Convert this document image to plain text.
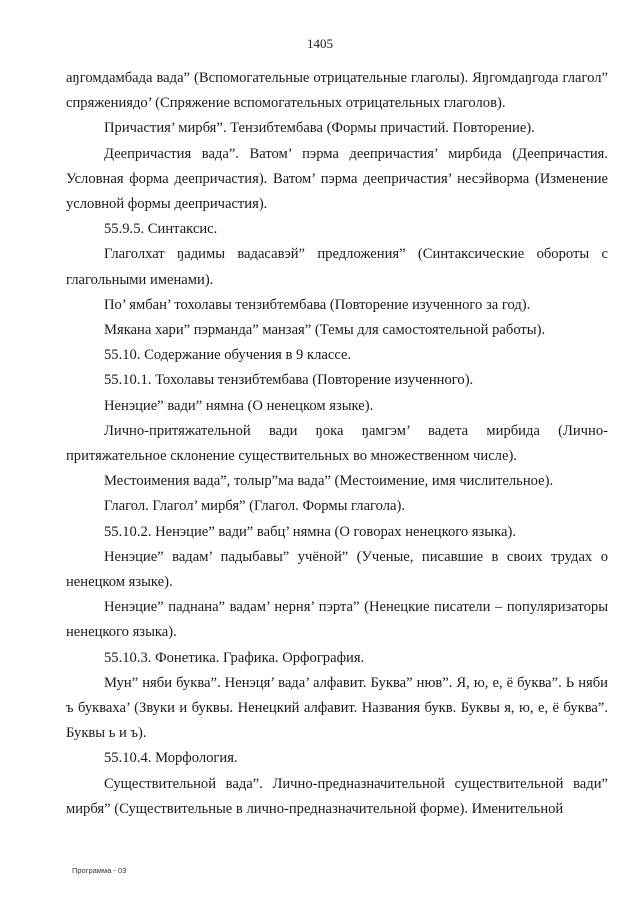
1405

аŋгомдамбада вада” (Вспомогательные отрицательные глаголы). Яŋгомдаŋгода глагол” спряжениядо’ (Спряжение вспомогательных отрицательных глаголов).

Причастия’ мирбя”. Тензибтембава (Формы причастий. Повторение).

Деепричастия вада”. Ватом’ пэрма деепричастия’ мирбида (Деепричастия. Условная форма деепричастия). Ватом’ пэрма деепричастия’ несэйворма (Изменение условной формы деепричастия).

55.9.5. Синтаксис.

Глаголхат ŋадимы вадасавэй” предложения” (Синтаксические обороты с глагольными именами).

По’ ямбан’ тохолавы тензибтембава (Повторение изученного за год).

Мякана хари” пэрманда” манзая” (Темы для самостоятельной работы).

55.10. Содержание обучения в 9 классе.

55.10.1. Тохолавы тензибтембава (Повторение изученного).

Ненэцие” вади” нямна (О ненецком языке).

Лично-притяжательной вади ŋока ŋамгэм’ вадета мирбида (Лично-притяжательное склонение существительных во множественном числе).

Местоимения вада”, толыр”ма вада” (Местоимение, имя числительное).

Глагол. Глагол’ мирбя” (Глагол. Формы глагола).

55.10.2. Ненэцие” вади” вабц’ нямна (О говорах ненецкого языка).

Ненэцие” вадам’ падыбавы” учёной” (Ученые, писавшие в своих трудах о ненецком языке).

Ненэцие” паднана” вадам’ нерня’ пэрта” (Ненецкие писатели – популяризаторы ненецкого языка).

55.10.3. Фонетика. Графика. Орфография.

Мун” няби буква”. Ненэця’ вада’ алфавит. Буква” нюв”. Я, ю, е, ё буква”. Ь няби ъ букваха’ (Звуки и буквы. Ненецкий алфавит. Названия букв. Буквы я, ю, е, ё буква”. Буквы ь и ъ).

55.10.4. Морфология.

Существительной вада”. Лично-предназначительной существительной вади” мирбя” (Существительные в лично-предназначительной форме). Именительной

Программа - 03
